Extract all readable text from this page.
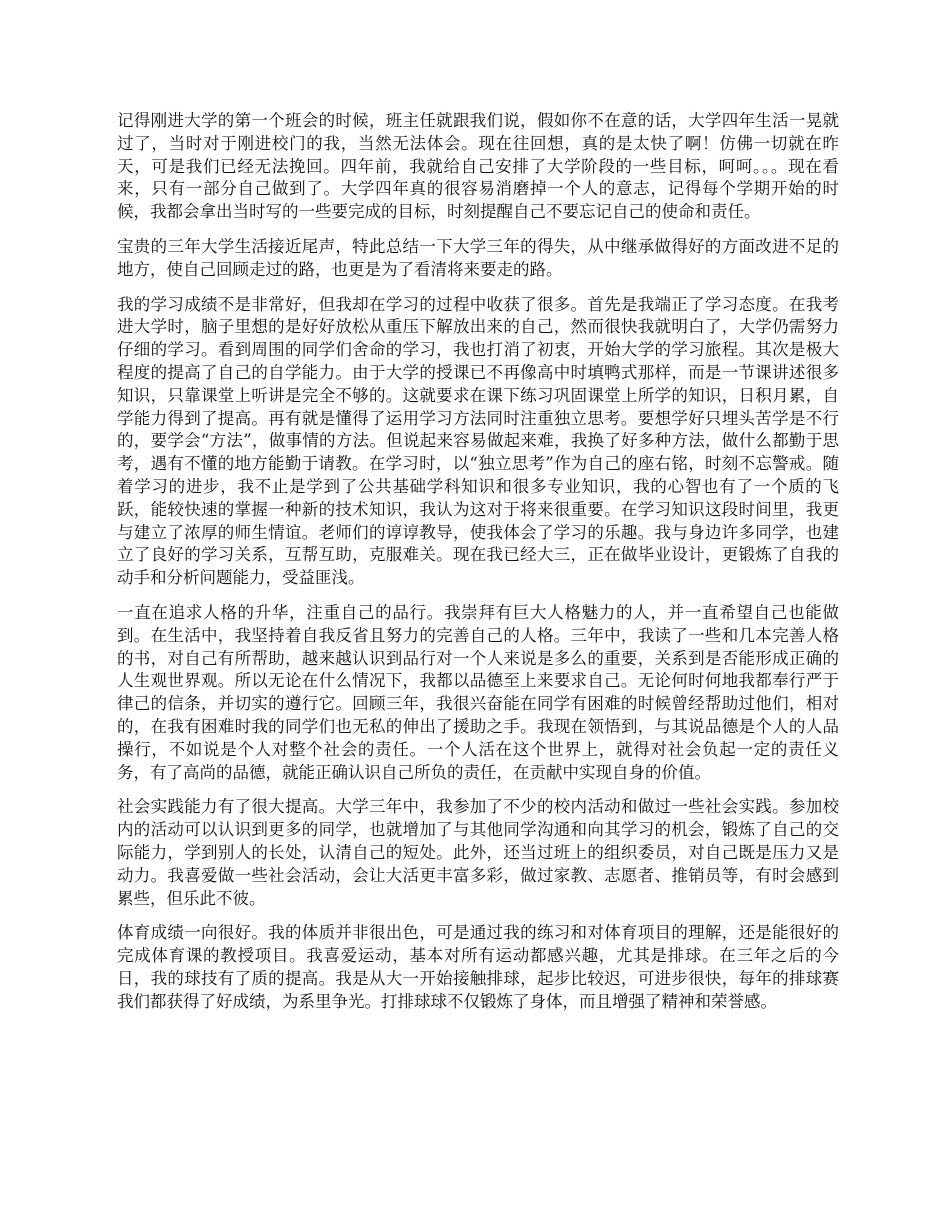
记得刚进大学的第一个班会的时候，班主任就跟我们说，假如你不在意的话，大学四年生活一晃就过了，当时对于刚进校门的我，当然无法体会。现在往回想，真的是太快了啊！仿佛一切就在昨天，可是我们已经无法挽回。四年前，我就给自己安排了大学阶段的一些目标，呵呵。。。现在看来，只有一部分自己做到了。大学四年真的很容易消磨掉一个人的意志，记得每个学期开始的时候，我都会拿出当时写的一些要完成的目标，时刻提醒自己不要忘记自己的使命和责任。

宝贵的三年大学生活接近尾声，特此总结一下大学三年的得失，从中继承做得好的方面改进不足的地方，使自己回顾走过的路，也更是为了看清将来要走的路。

我的学习成绩不是非常好，但我却在学习的过程中收获了很多。首先是我端正了学习态度。在我考进大学时，脑子里想的是好好放松从重压下解放出来的自己，然而很快我就明白了，大学仍需努力仔细的学习。看到周围的同学们舍命的学习，我也打消了初衷，开始大学的学习旅程。其次是极大程度的提高了自己的自学能力。由于大学的授课已不再像高中时填鸭式那样，而是一节课讲述很多知识，只靠课堂上听讲是完全不够的。这就要求在课下练习巩固课堂上所学的知识，日积月累，自学能力得到了提高。再有就是懂得了运用学习方法同时注重独立思考。要想学好只埋头苦学是不行的，要学会“方法”，做事情的方法。但说起来容易做起来难，我换了好多种方法，做什么都勤于思考，遇有不懂的地方能勤于请教。在学习时，以“独立思考”作为自己的座右铭，时刻不忘警戒。随着学习的进步，我不止是学到了公共基础学科知识和很多专业知识，我的心智也有了一个质的飞跃，能较快速的掌握一种新的技术知识，我认为这对于将来很重要。在学习知识这段时间里，我更与建立了浓厚的师生情谊。老师们的谆谆教导，使我体会了学习的乐趣。我与身边许多同学，也建立了良好的学习关系，互帮互助，克服难关。现在我已经大三，正在做毕业设计，更锻炼了自我的动手和分析问题能力，受益匪浅。

一直在追求人格的升华，注重自己的品行。我崇拜有巨大人格魅力的人，并一直希望自己也能做到。在生活中，我坚持着自我反省且努力的完善自己的人格。三年中，我读了一些和几本完善人格的书，对自己有所帮助，越来越认识到品行对一个人来说是多么的重要，关系到是否能形成正确的人生观世界观。所以无论在什么情况下，我都以品德至上来要求自己。无论何时何地我都奉行严于律己的信条，并切实的遵行它。回顾三年，我很兴奋能在同学有困难的时候曾经帮助过他们，相对的，在我有困难时我的同学们也无私的伸出了援助之手。我现在领悟到，与其说品德是个人的人品操行，不如说是个人对整个社会的责任。一个人活在这个世界上，就得对社会负起一定的责任义务，有了高尚的品德，就能正确认识自己所负的责任，在贡献中实现自身的价值。

社会实践能力有了很大提高。大学三年中，我参加了不少的校内活动和做过一些社会实践。参加校内的活动可以认识到更多的同学，也就增加了与其他同学沟通和向其学习的机会，锻炼了自己的交际能力，学到别人的长处，认清自己的短处。此外，还当过班上的组织委员，对自己既是压力又是动力。我喜爱做一些社会活动，会让大活更丰富多彩，做过家教、志愿者、推销员等，有时会感到累些，但乐此不彼。

体育成绩一向很好。我的体质并非很出色，可是通过我的练习和对体育项目的理解，还是能很好的完成体育课的教授项目。我喜爱运动，基本对所有运动都感兴趣，尤其是排球。在三年之后的今日，我的球技有了质的提高。我是从大一开始接触排球，起步比较迟，可进步很快，每年的排球赛我们都获得了好成绩，为系里争光。打排球球不仅锻炼了身体，而且增强了精神和荣誉感。
